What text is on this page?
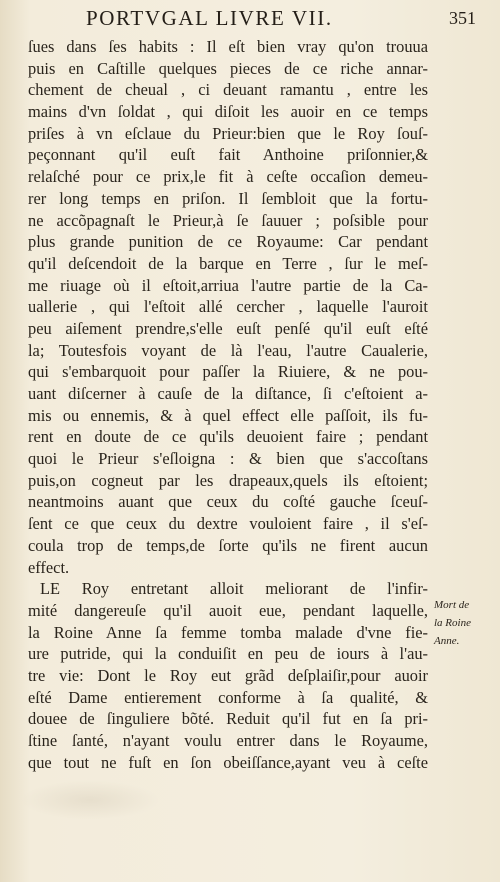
PORTVGAL LIVRE VII.	351
ſues dans ſes habits : Il eſt bien vray qu'on trouua
puis en Caſtille quelques pieces de ce riche annar-
chement de cheual , ci deuant ramantu , entre les
mains d'vn ſoldat , qui diſoit les auoir en ce temps
priſes à vn eſclaue du Prieur:bien que le Roy ſouſ-
peçonnant qu'il euſt fait Anthoine priſonnier,&
relaſché pour ce prix,le fit à ceſte occaſion demeu-
rer long temps en priſon. Il ſembloit que la fortu-
ne accõpagnaſt le Prieur,à ſe ſauuer ; poſsible pour
plus grande punition de ce Royaume: Car pendant
qu'il deſcendoit de la barque en Terre , ſur le meſ-
me riuage où il eſtoit,arriua l'autre partie de la Ca-
uallerie , qui l'eſtoit allé cercher , laquelle l'auroit
peu aiſement prendre,s'elle euſt penſé qu'il euſt eſté
la; Toutesfois voyant de là l'eau, l'autre Caualerie,
qui s'embarquoit pour paſſer la Riuiere, & ne pou-
uant diſcerner à cauſe de la diſtance, ſi c'eſtoient a-
mis ou ennemis, & à quel effect elle paſſoit, ils fu-
rent en doute de ce qu'ils deuoient faire ; pendant
quoi le Prieur s'eſloigna : & bien que s'accoſtans
puis,on cogneut par les drapeaux,quels ils eſtoient;
neantmoins auant que ceux du coſté gauche ſceuſ-
ſent ce que ceux du dextre vouloient faire , il s'eſ-
coula trop de temps,de ſorte qu'ils ne firent aucun
effect.
LE Roy entretant alloit meliorant de l'infir-
mité dangereuſe qu'il auoit eue, pendant laquelle,
la Roine Anne ſa femme tomba malade d'vne fie-
ure putride, qui la conduiſit en peu de iours à l'au-
tre vie: Dont le Roy eut grãd deſplaiſir,pour auoir
eſté Dame entierement conforme à ſa qualité, &
douee de ſinguliere bõté. Reduit qu'il fut en ſa pri-
ſtine ſanté, n'ayant voulu entrer dans le Royaume,
que tout ne fuſt en ſon obeiſſance,ayant veu à ceſte
Mort de
la Roine
Anne.
